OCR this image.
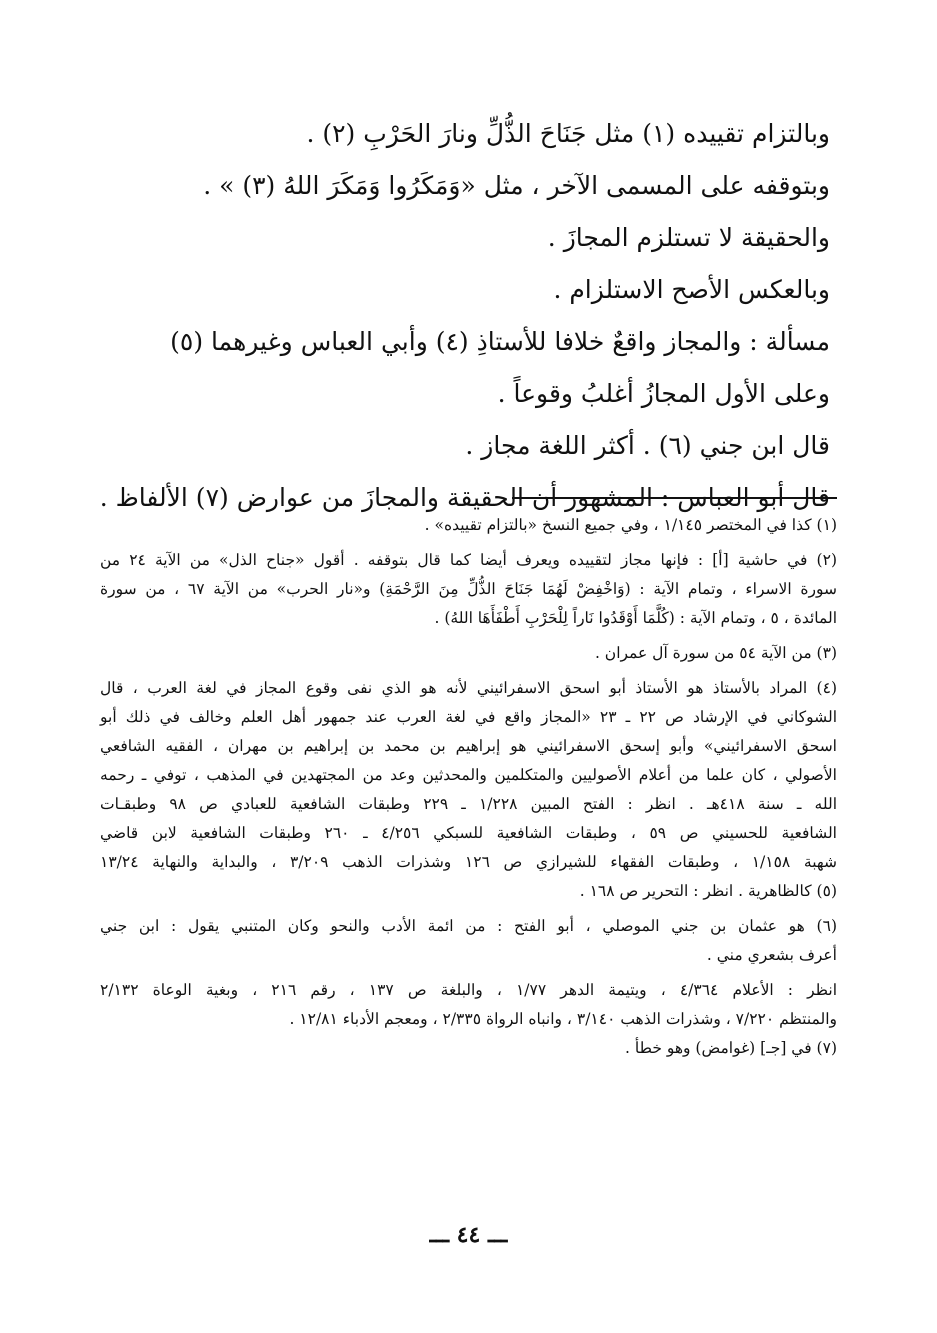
وبالتزام تقييده (١) مثل جَنَاحَ الذُّلِّ ونارَ الحَرْبِ (٢) .
وبتوقفه على المسمى الآخر ، مثل «وَمَكَرُوا وَمَكَرَ اللهُ (٣) » .
والحقيقة لا تستلزم المجازَ .
وبالعكس الأصح الاستلزام .
مسألة : والمجاز واقعٌ خلافا للأستاذِ (٤) وأبي العباس وغيرهما (٥)
وعلى الأول المجازُ أغلبُ وقوعاً .
قال ابن جني (٦) . أكثر اللغة مجاز .
قال أبو العباس : المشهور أن الحقيقة والمجازَ من عوارض (٧) الألفاظ .
(١) كذا في المختصر ١/١٤٥ ، وفي جميع النسخ «بالتزام تقييده» .
(٢) في حاشية [أ] : فإنها مجاز لتقييده ويعرف أيضا كما قال بتوقفه . أقول «جناح الذل» من الآية ٢٤ من
سورة الاسراء ، وتمام الآية : (وَاخْفِضْ لَهُمَا جَنَاحَ الذُّلِّ مِنَ الرَّحْمَةِ) و«نار الحرب» من الآية ٦٧ ، من سورة
المائدة ، ٥ ، وتمام الآية : (كُلَّمَا أَوْقَدُوا نَاراً لِلْحَرْبِ أَطْفَأَهَا اللهُ) .
(٣) من الآية ٥٤ من سورة آل عمران .
(٤) المراد بالأستاذ هو الأستاذ أبو اسحق الاسفرائيني لأنه هو الذي نفى وقوع المجاز في لغة العرب ، قال
الشوكاني في الإرشاد ص ٢٢ ـ ٢٣ «المجاز واقع في لغة العرب عند جمهور أهل العلم وخالف في ذلك أبو
اسحق الاسفرائيني» وأبو إسحق الاسفرائيني هو إبراهيم بن محمد بن إبراهيم بن مهران ، الفقيه الشافعي
الأصولي ، كان علما من أعلام الأصوليين والمتكلمين والمحدثين وعد من المجتهدين في المذهب ، توفي ـ رحمه
الله ـ سنة ٤١٨هـ . انظر : الفتح المبين ١/٢٢٨ ـ ٢٢٩ وطبقات الشافعية للعبادي ص ٩٨ وطبقـات
الشافعية للحسيني ص ٥٩ ، وطبقات الشافعية للسبكي ٤/٢٥٦ ـ ٢٦٠ وطبقات الشافعية لابن قاضي
شهبة ١/١٥٨ ، وطبقات الفقهاء للشيرازي ص ١٢٦ وشذرات الذهب ٣/٢٠٩ ، والبداية والنهاية ١٣/٢٤
(٥) كالظاهرية . انظر : التحرير ص ١٦٨ .
(٦) هو عثمان بن جني الموصلي ، أبو الفتح : من ائمة الأدب والنحو وكان المتنبي يقول : ابن جني
أعرف بشعري مني .
انظر : الأعلام ٤/٣٦٤ ، ويتيمة الدهر ١/٧٧ ، والبلغة ص ١٣٧ ، رقم ٢١٦ ، وبغية الوعاة ٢/١٣٢
والمنتظم ٧/٢٢٠ ، وشذرات الذهب ٣/١٤٠ ، وانباه الرواة ٢/٣٣٥ ، ومعجم الأدباء ١٢/٨١ .
(٧) في [جـ] (غوامض) وهو خطأ .
ـــ ٤٤ ـــ
